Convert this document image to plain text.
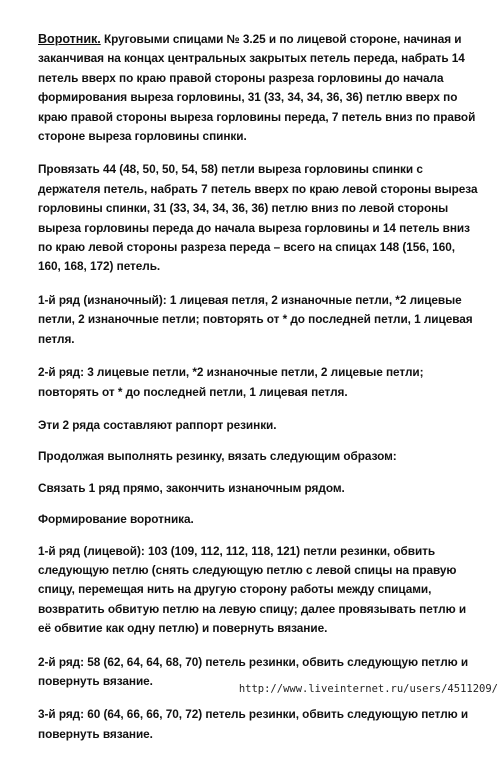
Воротник. Круговыми спицами № 3.25 и по лицевой стороне, начиная и заканчивая на концах центральных закрытых петель переда, набрать 14 петель вверх по краю правой стороны разреза горловины до начала формирования выреза горловины, 31 (33, 34, 34, 36, 36) петлю вверх по краю правой стороны выреза горловины переда, 7 петель вниз по правой стороне выреза горловины спинки.

Провязать 44 (48, 50, 50, 54, 58) петли выреза горловины спинки с держателя петель, набрать 7 петель вверх по краю левой стороны выреза горловины спинки, 31 (33, 34, 34, 36, 36) петлю вниз по левой стороны выреза горловины переда до начала выреза горловины и 14 петель вниз по краю левой стороны разреза переда – всего на спицах 148 (156, 160, 160, 168, 172) петель.

1-й ряд (изнаночный): 1 лицевая петля, 2 изнаночные петли, *2 лицевые петли, 2 изнаночные петли; повторять от * до последней петли, 1 лицевая петля.

2-й ряд: 3 лицевые петли, *2 изнаночные петли, 2 лицевые петли; повторять от * до последней петли, 1 лицевая петля.

Эти 2 ряда составляют раппорт резинки.

Продолжая выполнять резинку, вязать следующим образом:

Связать 1 ряд прямо, закончить изнаночным рядом.

Формирование воротника.

1-й ряд (лицевой): 103 (109, 112, 112, 118, 121) петли резинки, обвить следующую петлю (снять следующую петлю с левой спицы на правую спицу, перемещая нить на другую сторону работы между спицами, возвратить обвитую петлю на левую спицу; далее провязывать петлю и её обвитие как одну петлю) и повернуть вязание.

2-й ряд: 58 (62, 64, 64, 68, 70) петель резинки, обвить следующую петлю и повернуть вязание.

3-й ряд: 60 (64, 66, 66, 70, 72) петель резинки, обвить следующую петлю и повернуть вязание.

http://www.liveinternet.ru/users/4511209/
